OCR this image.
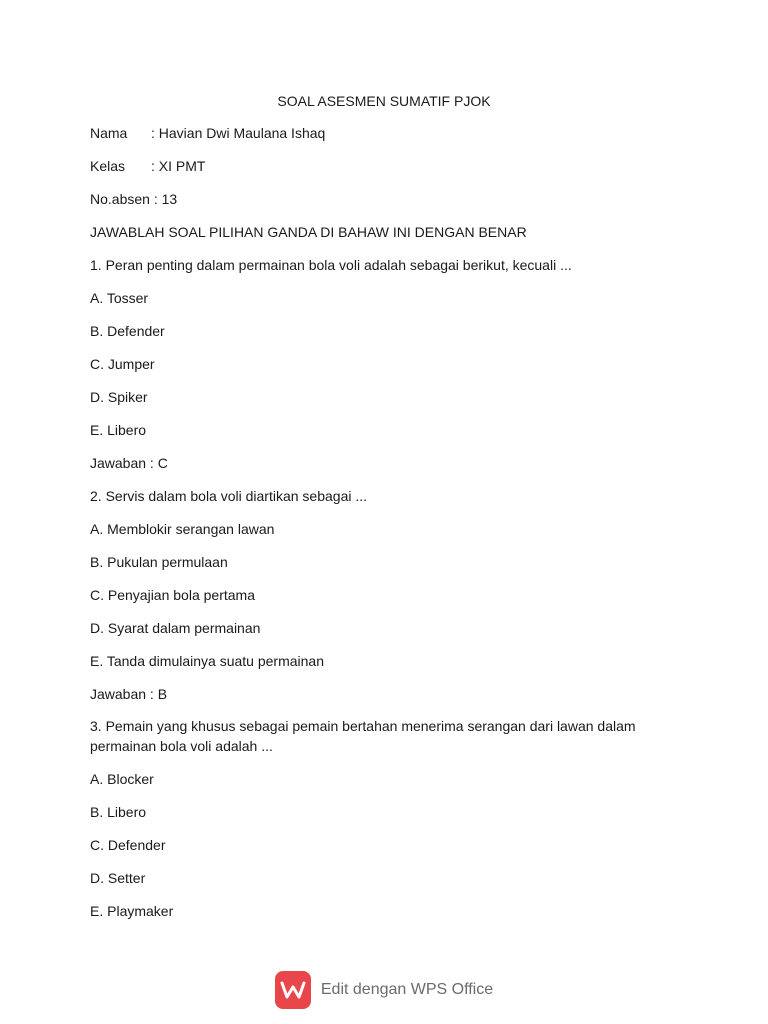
SOAL ASESMEN SUMATIF PJOK
Nama : Havian Dwi Maulana Ishaq
Kelas : XI PMT
No.absen : 13
JAWABLAH SOAL PILIHAN GANDA DI BAHAW INI DENGAN BENAR
1. Peran penting dalam permainan bola voli adalah sebagai berikut, kecuali ...
A. Tosser
B. Defender
C. Jumper
D. Spiker
E. Libero
Jawaban : C
2. Servis dalam bola voli diartikan sebagai ...
A. Memblokir serangan lawan
B. Pukulan permulaan
C. Penyajian bola pertama
D. Syarat dalam permainan
E. Tanda dimulainya suatu permainan
Jawaban : B
3. Pemain yang khusus sebagai pemain bertahan menerima serangan dari lawan dalam permainan bola voli adalah ...
A. Blocker
B. Libero
C. Defender
D. Setter
E. Playmaker
Edit dengan WPS Office
